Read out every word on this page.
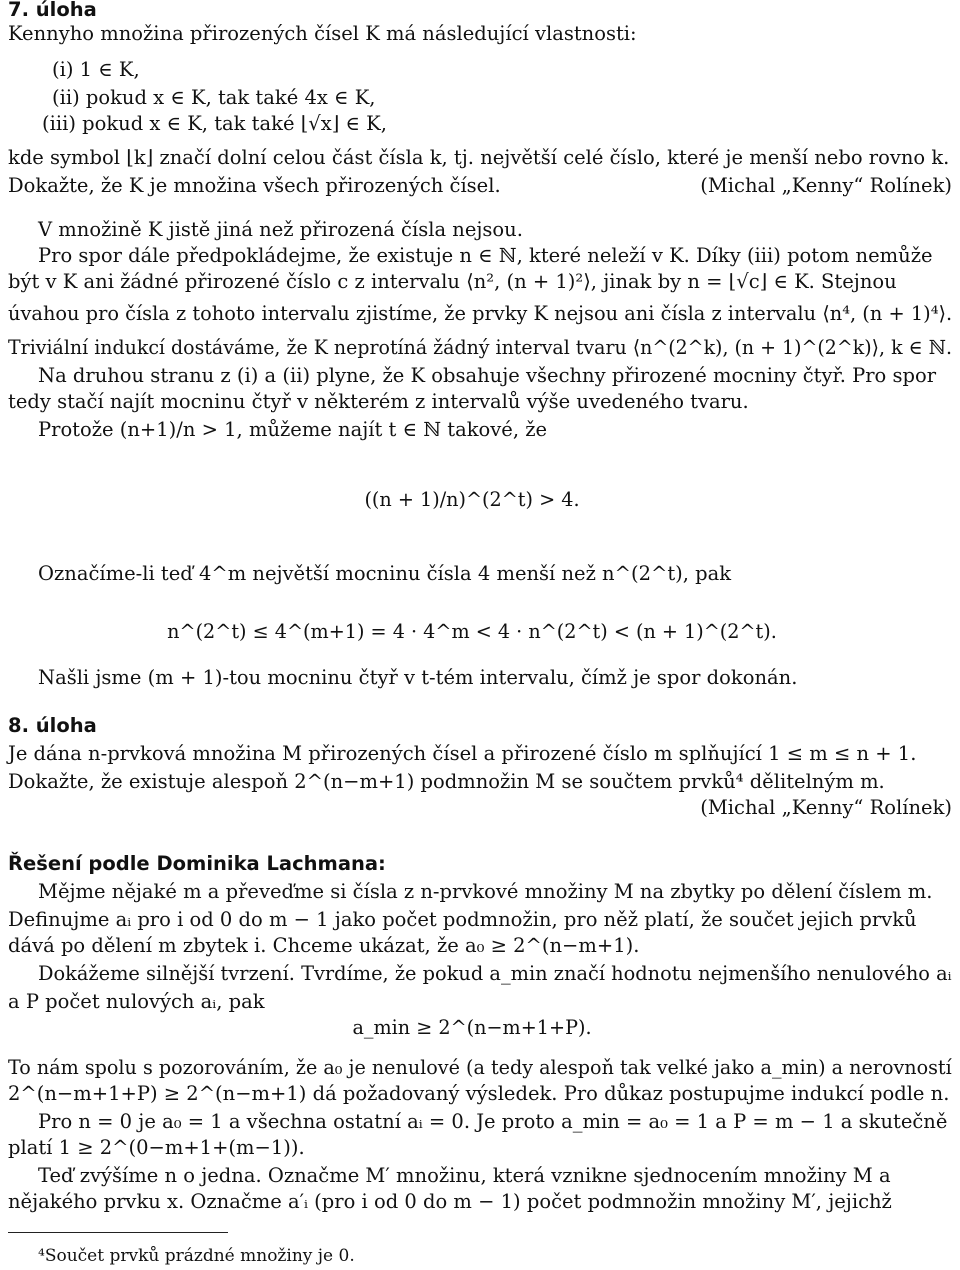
7. úloha
Kennyho množina přirozených čísel K má následující vlastnosti:
(i) 1 ∈ K,
(ii) pokud x ∈ K, tak také 4x ∈ K,
(iii) pokud x ∈ K, tak také ⌊√x⌋ ∈ K,
kde symbol ⌊k⌋ značí dolní celou část čísla k, tj. největší celé číslo, které je menší nebo rovno k.
Dokažte, že K je množina všech přirozených čísel.	(Michal „Kenny“ Rolínek)
V množině K jistě jiná než přirozená čísla nejsou.
Pro spor dále předpokládejme, že existuje n ∈ ℕ, které neleží v K. Díky (iii) potom nemůže
být v K ani žádné přirozené číslo c z intervalu ⟨n², (n + 1)²⟩, jinak by n = ⌊√c⌋ ∈ K. Stejnou
úvahou pro čísla z tohoto intervalu zjistíme, že prvky K nejsou ani čísla z intervalu ⟨n⁴, (n + 1)⁴⟩.
Triviální indukcí dostáváme, že K neprotíná žádný interval tvaru ⟨n^(2^k), (n + 1)^(2^k)⟩, k ∈ ℕ.
Na druhou stranu z (i) a (ii) plyne, že K obsahuje všechny přirozené mocniny čtyř. Pro spor
tedy stačí najít mocninu čtyř v některém z intervalů výše uvedeného tvaru.
Protože (n+1)/n > 1, můžeme najít t ∈ ℕ takové, že
((n + 1)/n)^(2^t) > 4.
Označíme-li teď 4^m největší mocninu čísla 4 menší než n^(2^t), pak
n^(2^t) ≤ 4^(m+1) = 4 · 4^m < 4 · n^(2^t) < (n + 1)^(2^t).
Našli jsme (m + 1)-tou mocninu čtyř v t-tém intervalu, čímž je spor dokonán.
8. úloha
Je dána n-prvková množina M přirozených čísel a přirozené číslo m splňující 1 ≤ m ≤ n + 1.
Dokažte, že existuje alespoň 2^(n−m+1) podmnožin M se součtem prvků⁴ dělitelným m.
(Michal „Kenny“ Rolínek)
Řešení podle Dominika Lachmana:
Mějme nějaké m a převeďme si čísla z n-prvkové množiny M na zbytky po dělení číslem m.
Definujme aᵢ pro i od 0 do m − 1 jako počet podmnožin, pro něž platí, že součet jejich prvků
dává po dělení m zbytek i. Chceme ukázat, že a₀ ≥ 2^(n−m+1).
Dokážeme silnější tvrzení. Tvrdíme, že pokud a_min značí hodnotu nejmenšího nenulového aᵢ
a P počet nulových aᵢ, pak
a_min ≥ 2^(n−m+1+P).
To nám spolu s pozorováním, že a₀ je nenulové (a tedy alespoň tak velké jako a_min) a nerovností
2^(n−m+1+P) ≥ 2^(n−m+1) dá požadovaný výsledek. Pro důkaz postupujme indukcí podle n.
Pro n = 0 je a₀ = 1 a všechna ostatní aᵢ = 0. Je proto a_min = a₀ = 1 a P = m − 1 a skutečně
platí 1 ≥ 2^(0−m+1+(m−1)).
Teď zvýšíme n o jedna. Označme M′ množinu, která vznikne sjednocením množiny M a
nějakého prvku x. Označme a′ᵢ (pro i od 0 do m − 1) počet podmnožin množiny M′, jejichž
⁴Součet prvků prázdné množiny je 0.
